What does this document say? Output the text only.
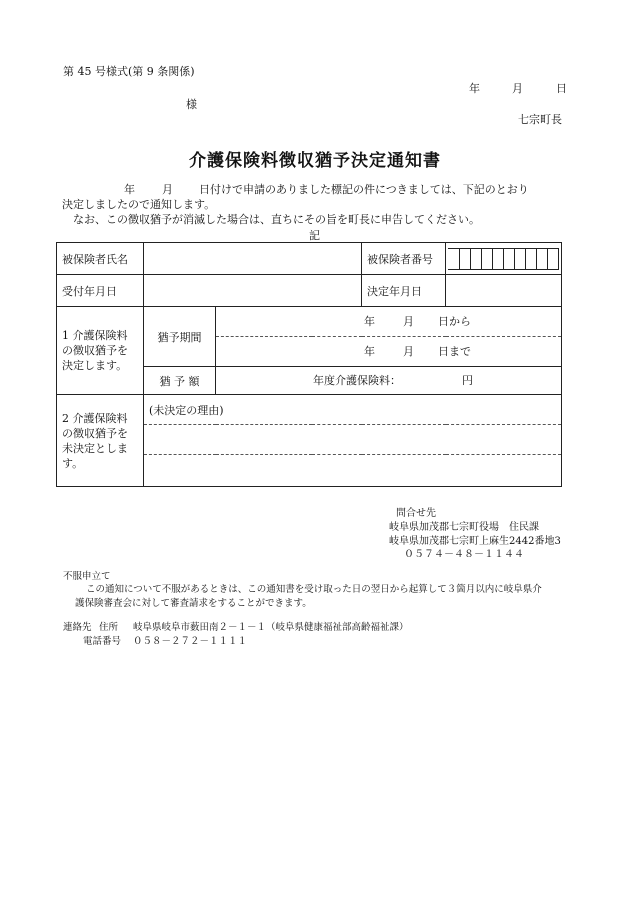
第 45 号様式(第 9 条関係)
年	月	日
様
七宗町長
介護保険料徴収猶予決定通知書
年 月 日付けで申請のありました標記の件につきましては、下記のとおり
決定しましたので通知します。
なお、この徴収猶予が消滅した場合は、直ちにその旨を町長に申告してください。
記
被保険者氏名		被保険者番号	

受付年月日		決定年月日	
1 介護保険料の徴収猶予を決定します。	猶予期間	
年	月 日から

年	月 日まで

猶 予 額	年度介護保険料：	円

2 介護保険料の徴収猶予を未決定とします。	(未決定の理由)

問合せ先
岐阜県加茂郡七宗町役場　住民課
岐阜県加茂郡七宗町上麻生2442番地3
０５７４－４８－１１４４
不服申立て
この通知について不服があるときは、この通知書を受け取った日の翌日から起算して３箇月以内に岐阜県介
護保険審査会に対して審査請求をすることができます。
連絡先 住所 岐阜県岐阜市薮田南２－１－１（岐阜県健康福祉部高齢福祉課）
電話番号 ０５８－２７２－１１１１
